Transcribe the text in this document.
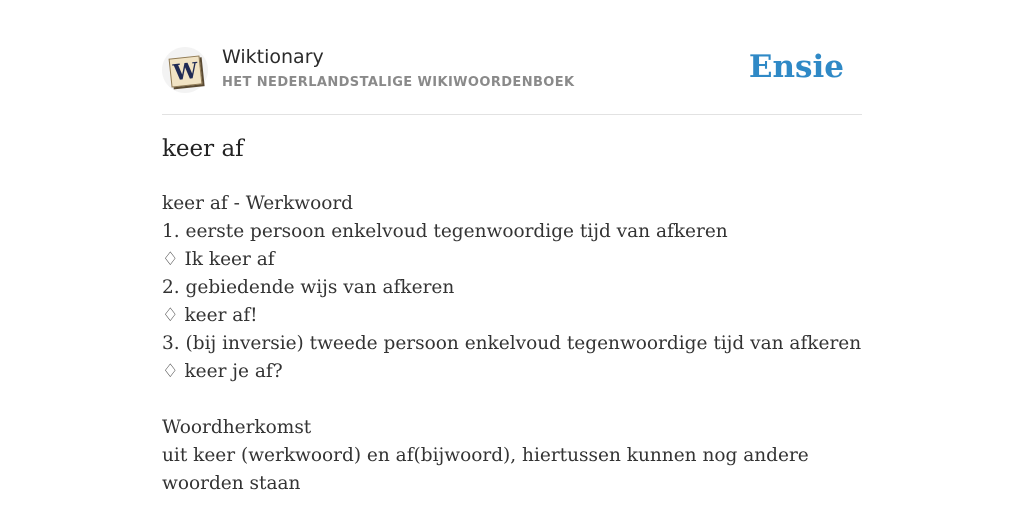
W
Wiktionary
HET NEDERLANDSTALIGE WIKIWOORDENBOEK	Ensie
keer af
keer af - Werkwoord
1. eerste persoon enkelvoud tegenwoordige tijd van afkeren
♢ Ik keer af
2. gebiedende wijs van afkeren
♢ keer af!
3. (bij inversie) tweede persoon enkelvoud tegenwoordige tijd van afkeren
♢ keer je af?
Woordherkomst
uit keer (werkwoord) en af(bijwoord), hiertussen kunnen nog andere woorden staan
